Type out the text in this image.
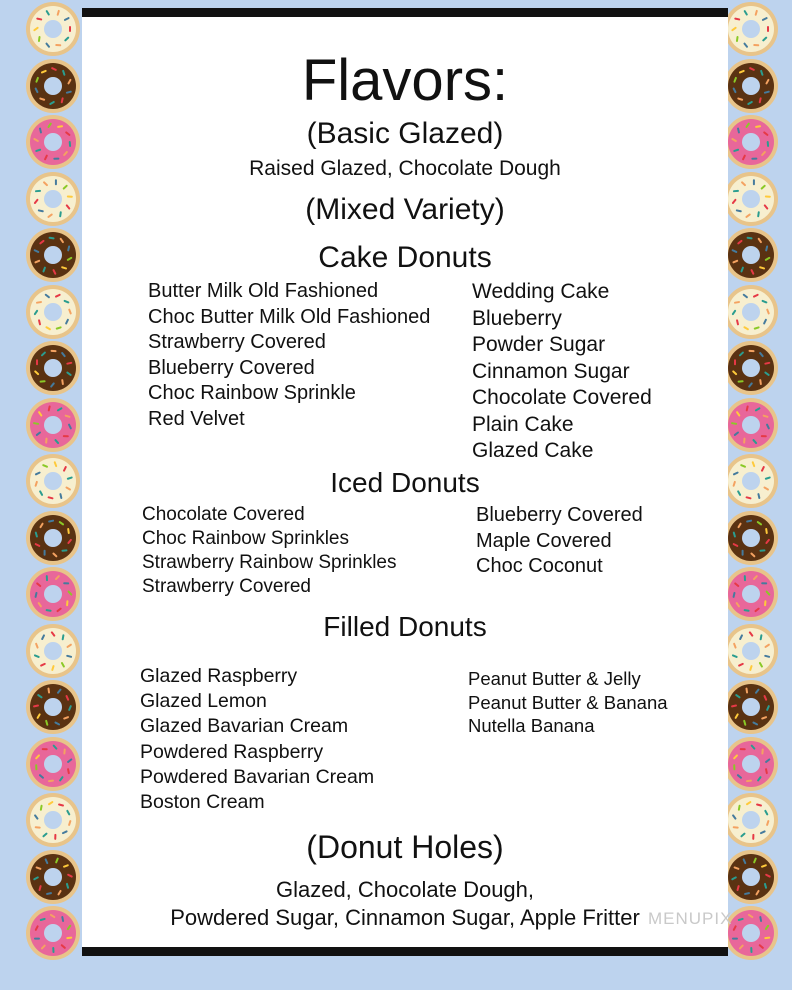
Flavors:
(Basic Glazed)
Raised Glazed, Chocolate Dough
(Mixed Variety)
Cake Donuts
Butter Milk Old Fashioned
Choc Butter Milk Old Fashioned
Strawberry Covered
Blueberry Covered
Choc Rainbow Sprinkle
Red Velvet
Wedding Cake
Blueberry
Powder Sugar
Cinnamon Sugar
Chocolate Covered
Plain Cake
Glazed Cake
Iced Donuts
Chocolate Covered
Choc Rainbow Sprinkles
Strawberry Rainbow Sprinkles
Strawberry Covered
Blueberry Covered
Maple Covered
Choc Coconut
Filled Donuts
Glazed Raspberry
Glazed Lemon
Glazed Bavarian Cream
Powdered Raspberry
Powdered Bavarian Cream
Boston Cream
Peanut Butter & Jelly
Peanut Butter & Banana
Nutella Banana
(Donut Holes)
Glazed, Chocolate Dough,
Powdered Sugar, Cinnamon Sugar, Apple Fritter MENUPIX
